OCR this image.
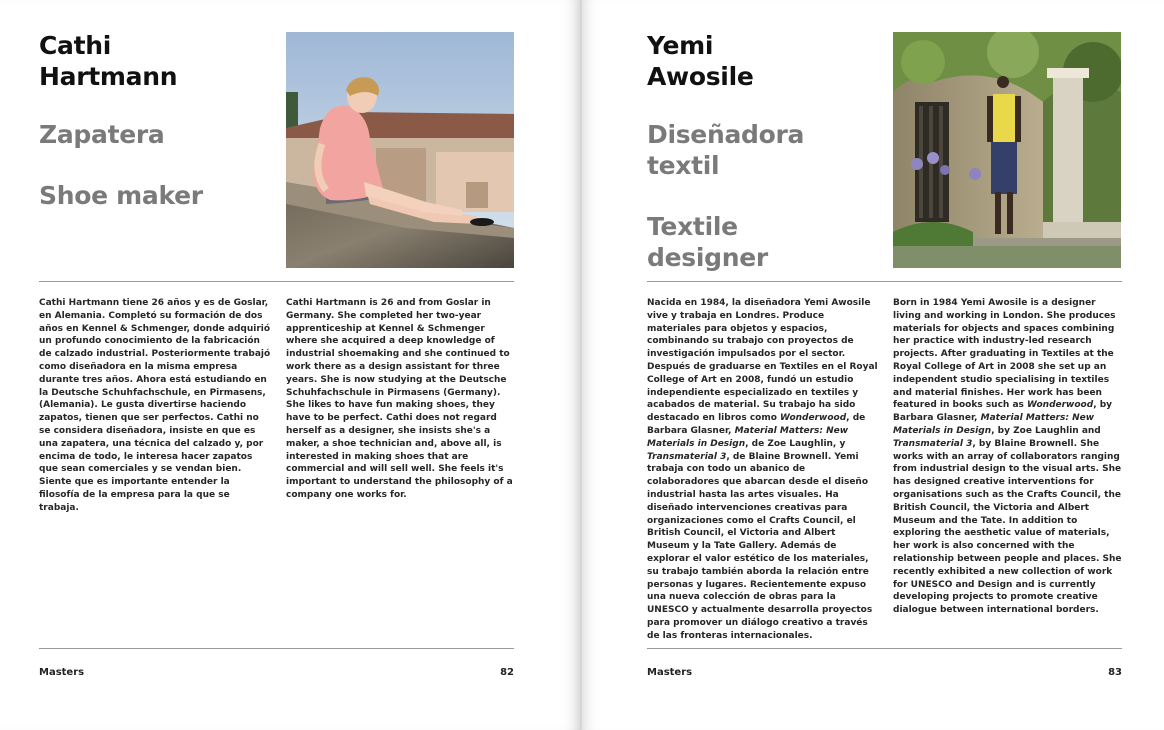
Cathi
Hartmann
Zapatera
Shoe maker
Cathi Hartmann tiene 26 años y es de Goslar, en Alemania. Completó su formación de dos años en Kennel & Schmenger, donde adquirió un profundo conocimiento de la fabricación de calzado industrial. Posteriormente trabajó como diseñadora en la misma empresa durante tres años. Ahora está estudiando en la Deutsche Schuhfachschule, en Pirmasens, (Alemania). Le gusta divertirse haciendo zapatos, tienen que ser perfectos. Cathi no se considera diseñadora, insiste en que es una zapatera, una técnica del calzado y, por encima de todo, le interesa hacer zapatos que sean comerciales y se vendan bien. Siente que es importante entender la filosofía de la empresa para la que se trabaja.
Cathi Hartmann is 26 and from Goslar in Germany. She completed her two-year apprenticeship at Kennel & Schmenger where she acquired a deep knowledge of industrial shoemaking and she continued to work there as a design assistant for three years. She is now studying at the Deutsche Schuhfachschule in Pirmasens (Germany). She likes to have fun making shoes, they have to be perfect. Cathi does not regard herself as a designer, she insists she's a maker, a shoe technician and, above all, is interested in making shoes that are commercial and will sell well. She feels it's important to understand the philosophy of a company one works for.
Masters	82
Yemi
Awosile
Diseñadora
textil
Textile
designer
Nacida en 1984, la diseñadora Yemi Awosile vive y trabaja en Londres. Produce materiales para objetos y espacios, combinando su trabajo con proyectos de investigación impulsados por el sector. Después de graduarse en Textiles en el Royal College of Art en 2008, fundó un estudio independiente especializado en textiles y acabados de material. Su trabajo ha sido destacado en libros como Wonderwood, de Barbara Glasner, Material Matters: New Materials in Design, de Zoe Laughlin, y Transmaterial 3, de Blaine Brownell. Yemi trabaja con todo un abanico de colaboradores que abarcan desde el diseño industrial hasta las artes visuales. Ha diseñado intervenciones creativas para organizaciones como el Crafts Council, el British Council, el Victoria and Albert Museum y la Tate Gallery. Además de explorar el valor estético de los materiales, su trabajo también aborda la relación entre personas y lugares. Recientemente expuso una nueva colección de obras para la UNESCO y actualmente desarrolla proyectos para promover un diálogo creativo a través de las fronteras internacionales.
Born in 1984 Yemi Awosile is a designer living and working in London. She produces materials for objects and spaces combining her practice with industry-led research projects. After graduating in Textiles at the Royal College of Art in 2008 she set up an independent studio specialising in textiles and material finishes. Her work has been featured in books such as Wonderwood, by Barbara Glasner, Material Matters: New Materials in Design, by Zoe Laughlin and Transmaterial 3, by Blaine Brownell. She works with an array of collaborators ranging from industrial design to the visual arts. She has designed creative interventions for organisations such as the Crafts Council, the British Council, the Victoria and Albert Museum and the Tate. In addition to exploring the aesthetic value of materials, her work is also concerned with the relationship between people and places. She recently exhibited a new collection of work for UNESCO and Design and is currently developing projects to promote creative dialogue between international borders.
Masters	83
